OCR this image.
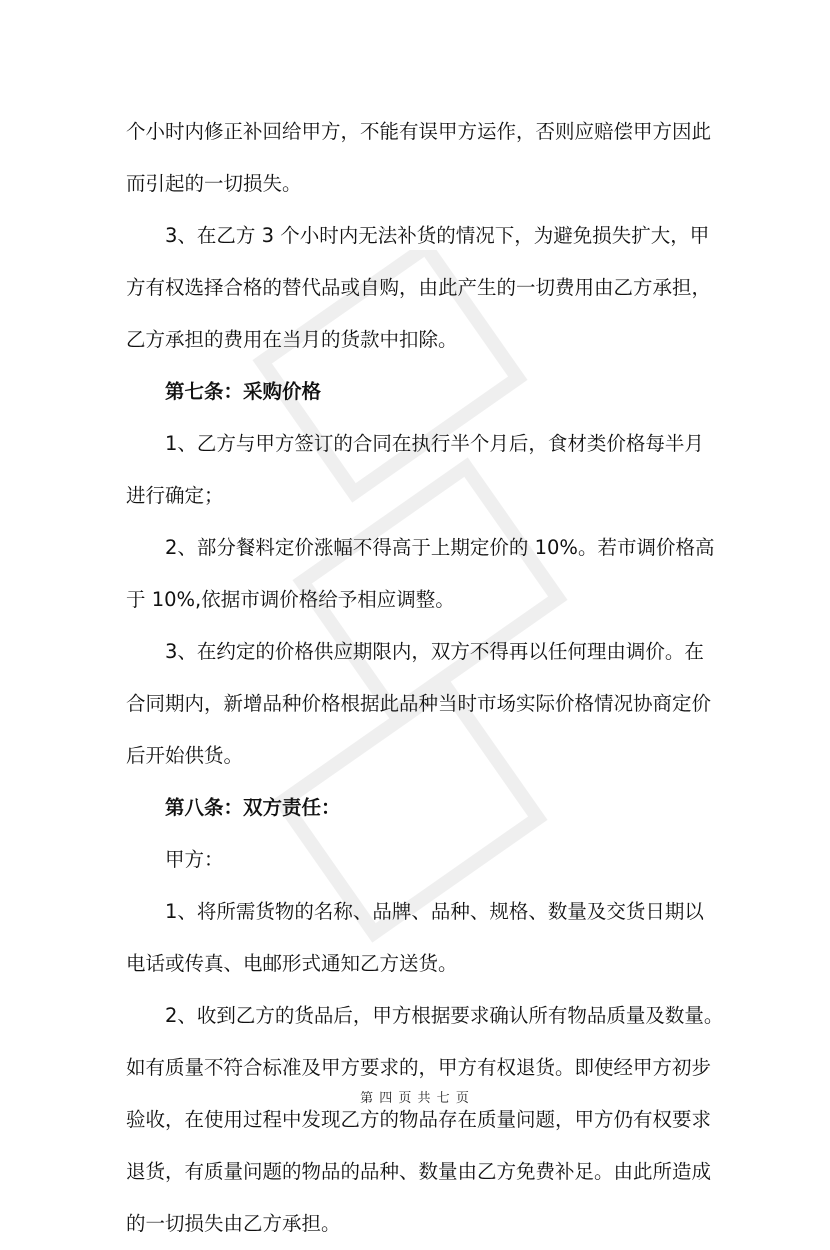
个小时内修正补回给甲方，不能有误甲方运作，否则应赔偿甲方因此
而引起的一切损失。
3、在乙方 3 个小时内无法补货的情况下，为避免损失扩大，甲
方有权选择合格的替代品或自购，由此产生的一切费用由乙方承担，
乙方承担的费用在当月的货款中扣除。
第七条：采购价格
1、乙方与甲方签订的合同在执行半个月后，食材类价格每半月
进行确定；
2、部分餐料定价涨幅不得高于上期定价的 10%。若市调价格高
于 10%,依据市调价格给予相应调整。
3、在约定的价格供应期限内，双方不得再以任何理由调价。在
合同期内，新增品种价格根据此品种当时市场实际价格情况协商定价
后开始供货。
第八条：双方责任：
甲方：
1、将所需货物的名称、品牌、品种、规格、数量及交货日期以
电话或传真、电邮形式通知乙方送货。
2、收到乙方的货品后，甲方根据要求确认所有物品质量及数量。
如有质量不符合标准及甲方要求的，甲方有权退货。即使经甲方初步
验收，在使用过程中发现乙方的物品存在质量问题，甲方仍有权要求
退货，有质量问题的物品的品种、数量由乙方免费补足。由此所造成
的一切损失由乙方承担。
第 四 页 共 七 页
